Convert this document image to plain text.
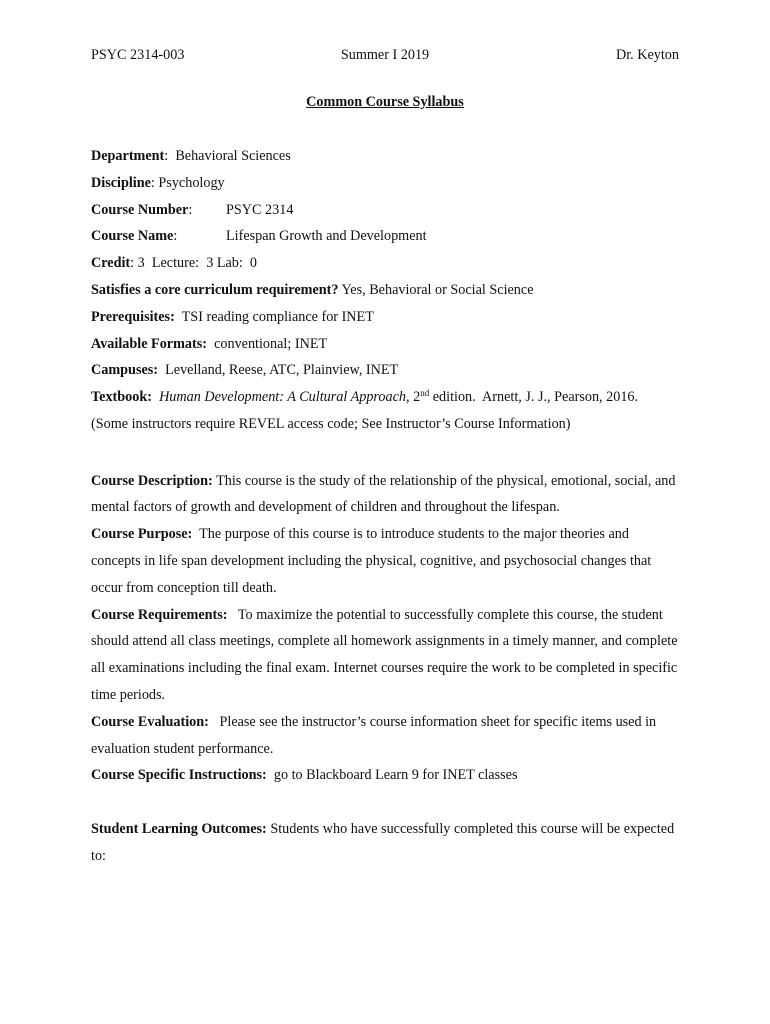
PSYC 2314-003	Summer I 2019	Dr. Keyton
Common Course Syllabus
Department:  Behavioral Sciences
Discipline: Psychology
Course Number: PSYC 2314
Course Name:	Lifespan Growth and Development
Credit: 3 Lecture: 3 Lab: 0
Satisfies a core curriculum requirement? Yes, Behavioral or Social Science
Prerequisites: TSI reading compliance for INET
Available Formats: conventional; INET
Campuses: Levelland, Reese, ATC, Plainview, INET
Textbook: Human Development: A Cultural Approach, 2nd edition.  Arnett, J. J., Pearson, 2016.
(Some instructors require REVEL access code; See Instructor’s Course Information)
Course Description: This course is the study of the relationship of the physical, emotional, social, and mental factors of growth and development of children and throughout the lifespan.
Course Purpose: The purpose of this course is to introduce students to the major theories and concepts in life span development including the physical, cognitive, and psychosocial changes that occur from conception till death.
Course Requirements: To maximize the potential to successfully complete this course, the student should attend all class meetings, complete all homework assignments in a timely manner, and complete all examinations including the final exam. Internet courses require the work to be completed in specific time periods.
Course Evaluation: Please see the instructor’s course information sheet for specific items used in evaluation student performance.
Course Specific Instructions: go to Blackboard Learn 9 for INET classes
Student Learning Outcomes: Students who have successfully completed this course will be expected to:
